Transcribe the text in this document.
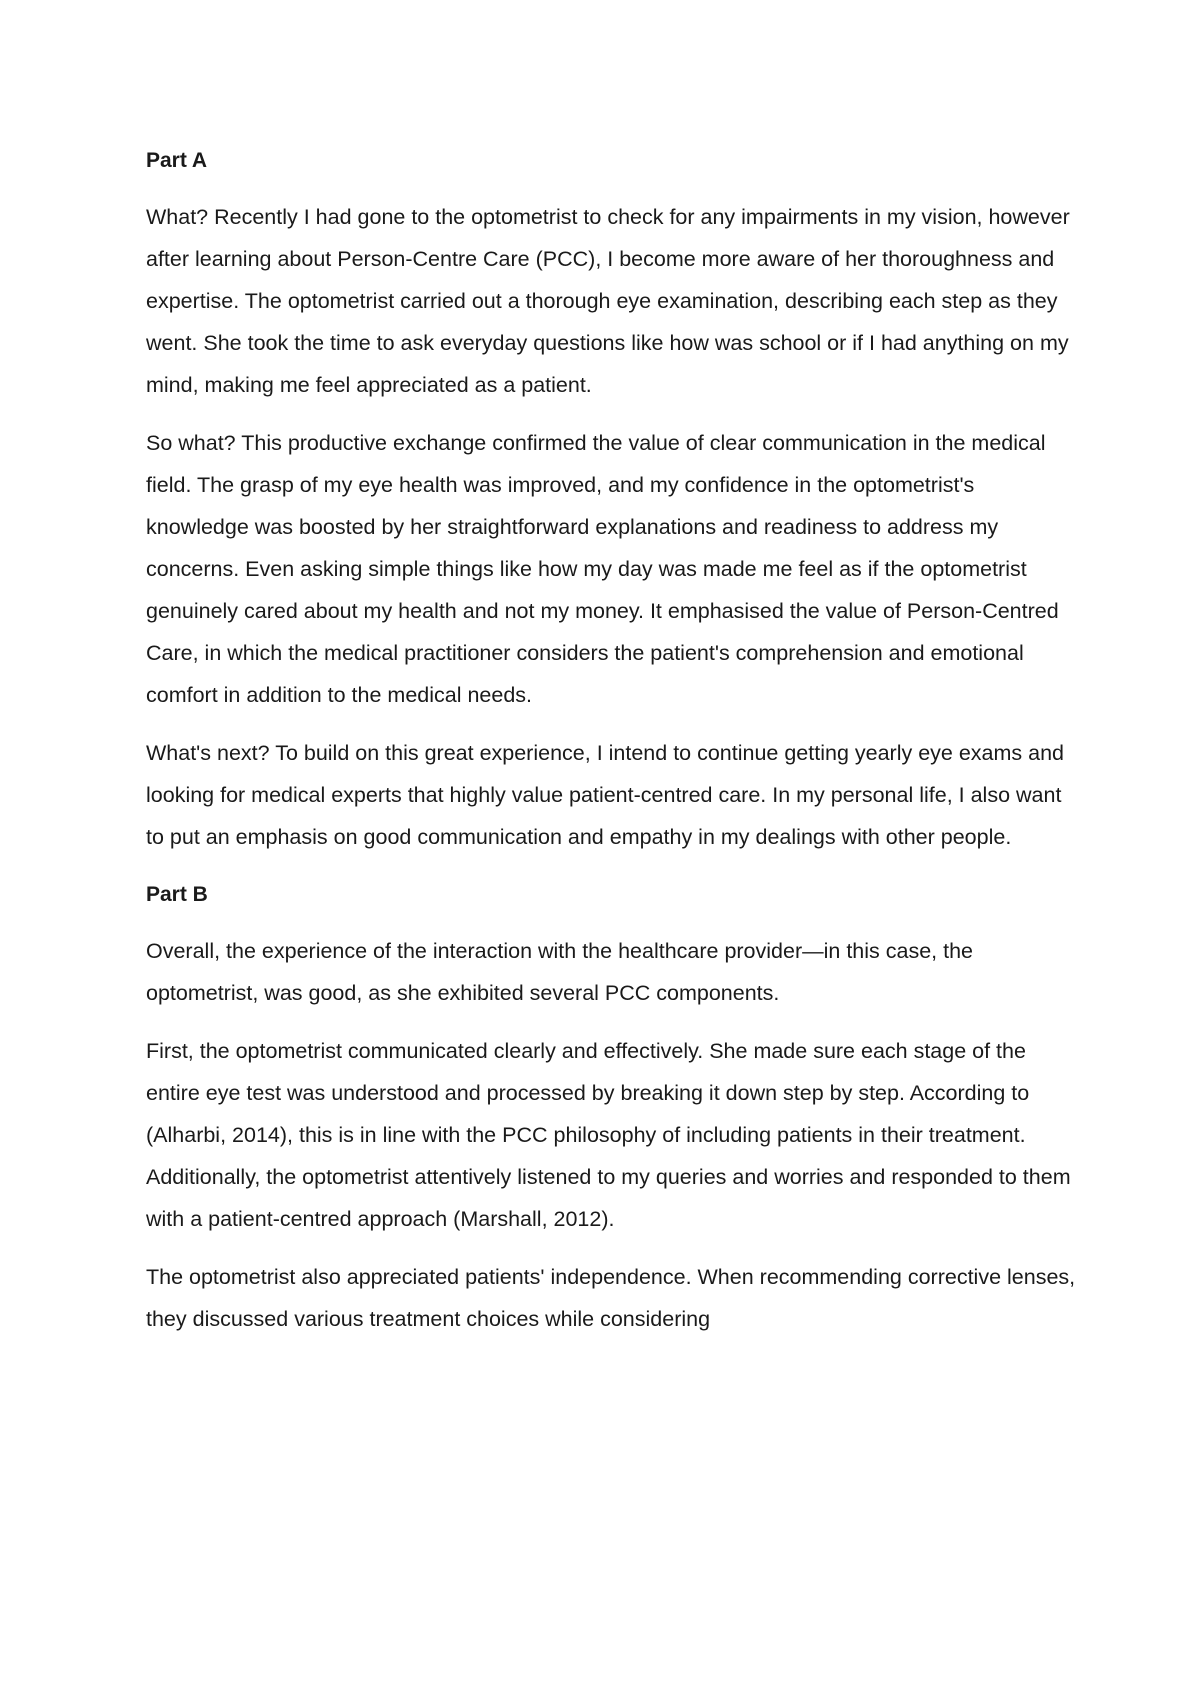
Part A

What? Recently I had gone to the optometrist to check for any impairments in my vision, however after learning about Person-Centre Care (PCC), I become more aware of her thoroughness and expertise. The optometrist carried out a thorough eye examination, describing each step as they went. She took the time to ask everyday questions like how was school or if I had anything on my mind, making me feel appreciated as a patient.

So what? This productive exchange confirmed the value of clear communication in the medical field. The grasp of my eye health was improved, and my confidence in the optometrist's knowledge was boosted by her straightforward explanations and readiness to address my concerns. Even asking simple things like how my day was made me feel as if the optometrist genuinely cared about my health and not my money. It emphasised the value of Person-Centred Care, in which the medical practitioner considers the patient's comprehension and emotional comfort in addition to the medical needs.

What's next? To build on this great experience, I intend to continue getting yearly eye exams and looking for medical experts that highly value patient-centred care. In my personal life, I also want to put an emphasis on good communication and empathy in my dealings with other people.

Part B

Overall, the experience of the interaction with the healthcare provider—in this case, the optometrist, was good, as she exhibited several PCC components.

First, the optometrist communicated clearly and effectively. She made sure each stage of the entire eye test was understood and processed by breaking it down step by step. According to (Alharbi, 2014), this is in line with the PCC philosophy of including patients in their treatment. Additionally, the optometrist attentively listened to my queries and worries and responded to them with a patient-centred approach (Marshall, 2012).

The optometrist also appreciated patients' independence. When recommending corrective lenses, they discussed various treatment choices while considering
